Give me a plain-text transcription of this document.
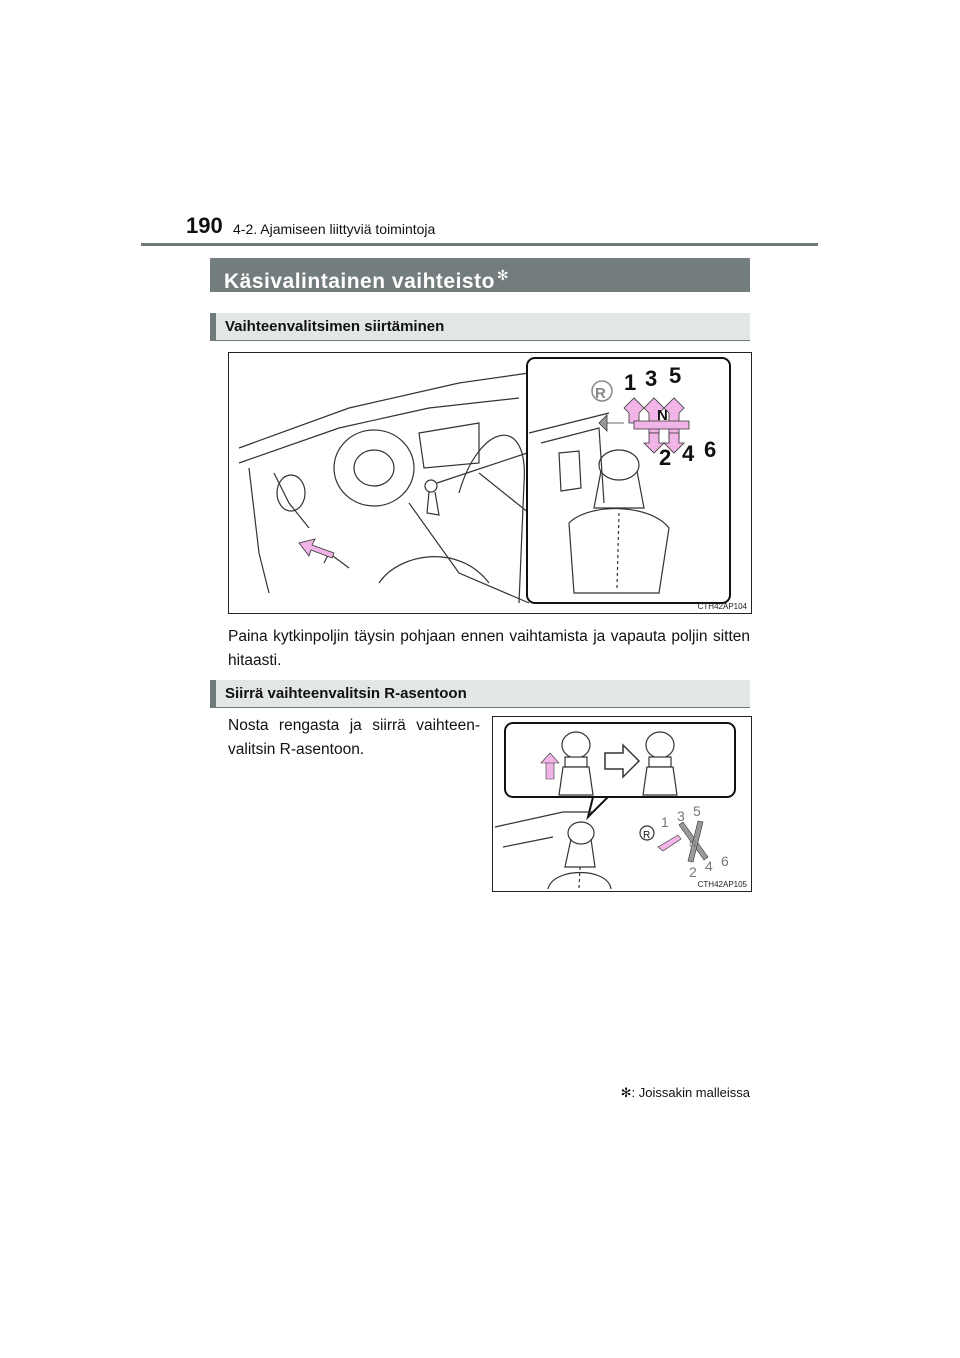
190 4-2. Ajamiseen liittyviä toimintoja
Käsivalintainen vaihteisto ✻
Vaihteenvalitsimen siirtäminen
R 1 3 5
N
2 4 6
CTH42AP104
Paina kytkinpoljin täysin pohjaan ennen vaihtamista ja vapauta poljin sitten hitaasti.
Siirrä vaihteenvalitsin R-asentoon
Nosta rengasta ja siirrä vaihteen-valitsin R-asentoon.
R
1 3 5
N
2 4 6
CTH42AP105
✻: Joissakin malleissa
